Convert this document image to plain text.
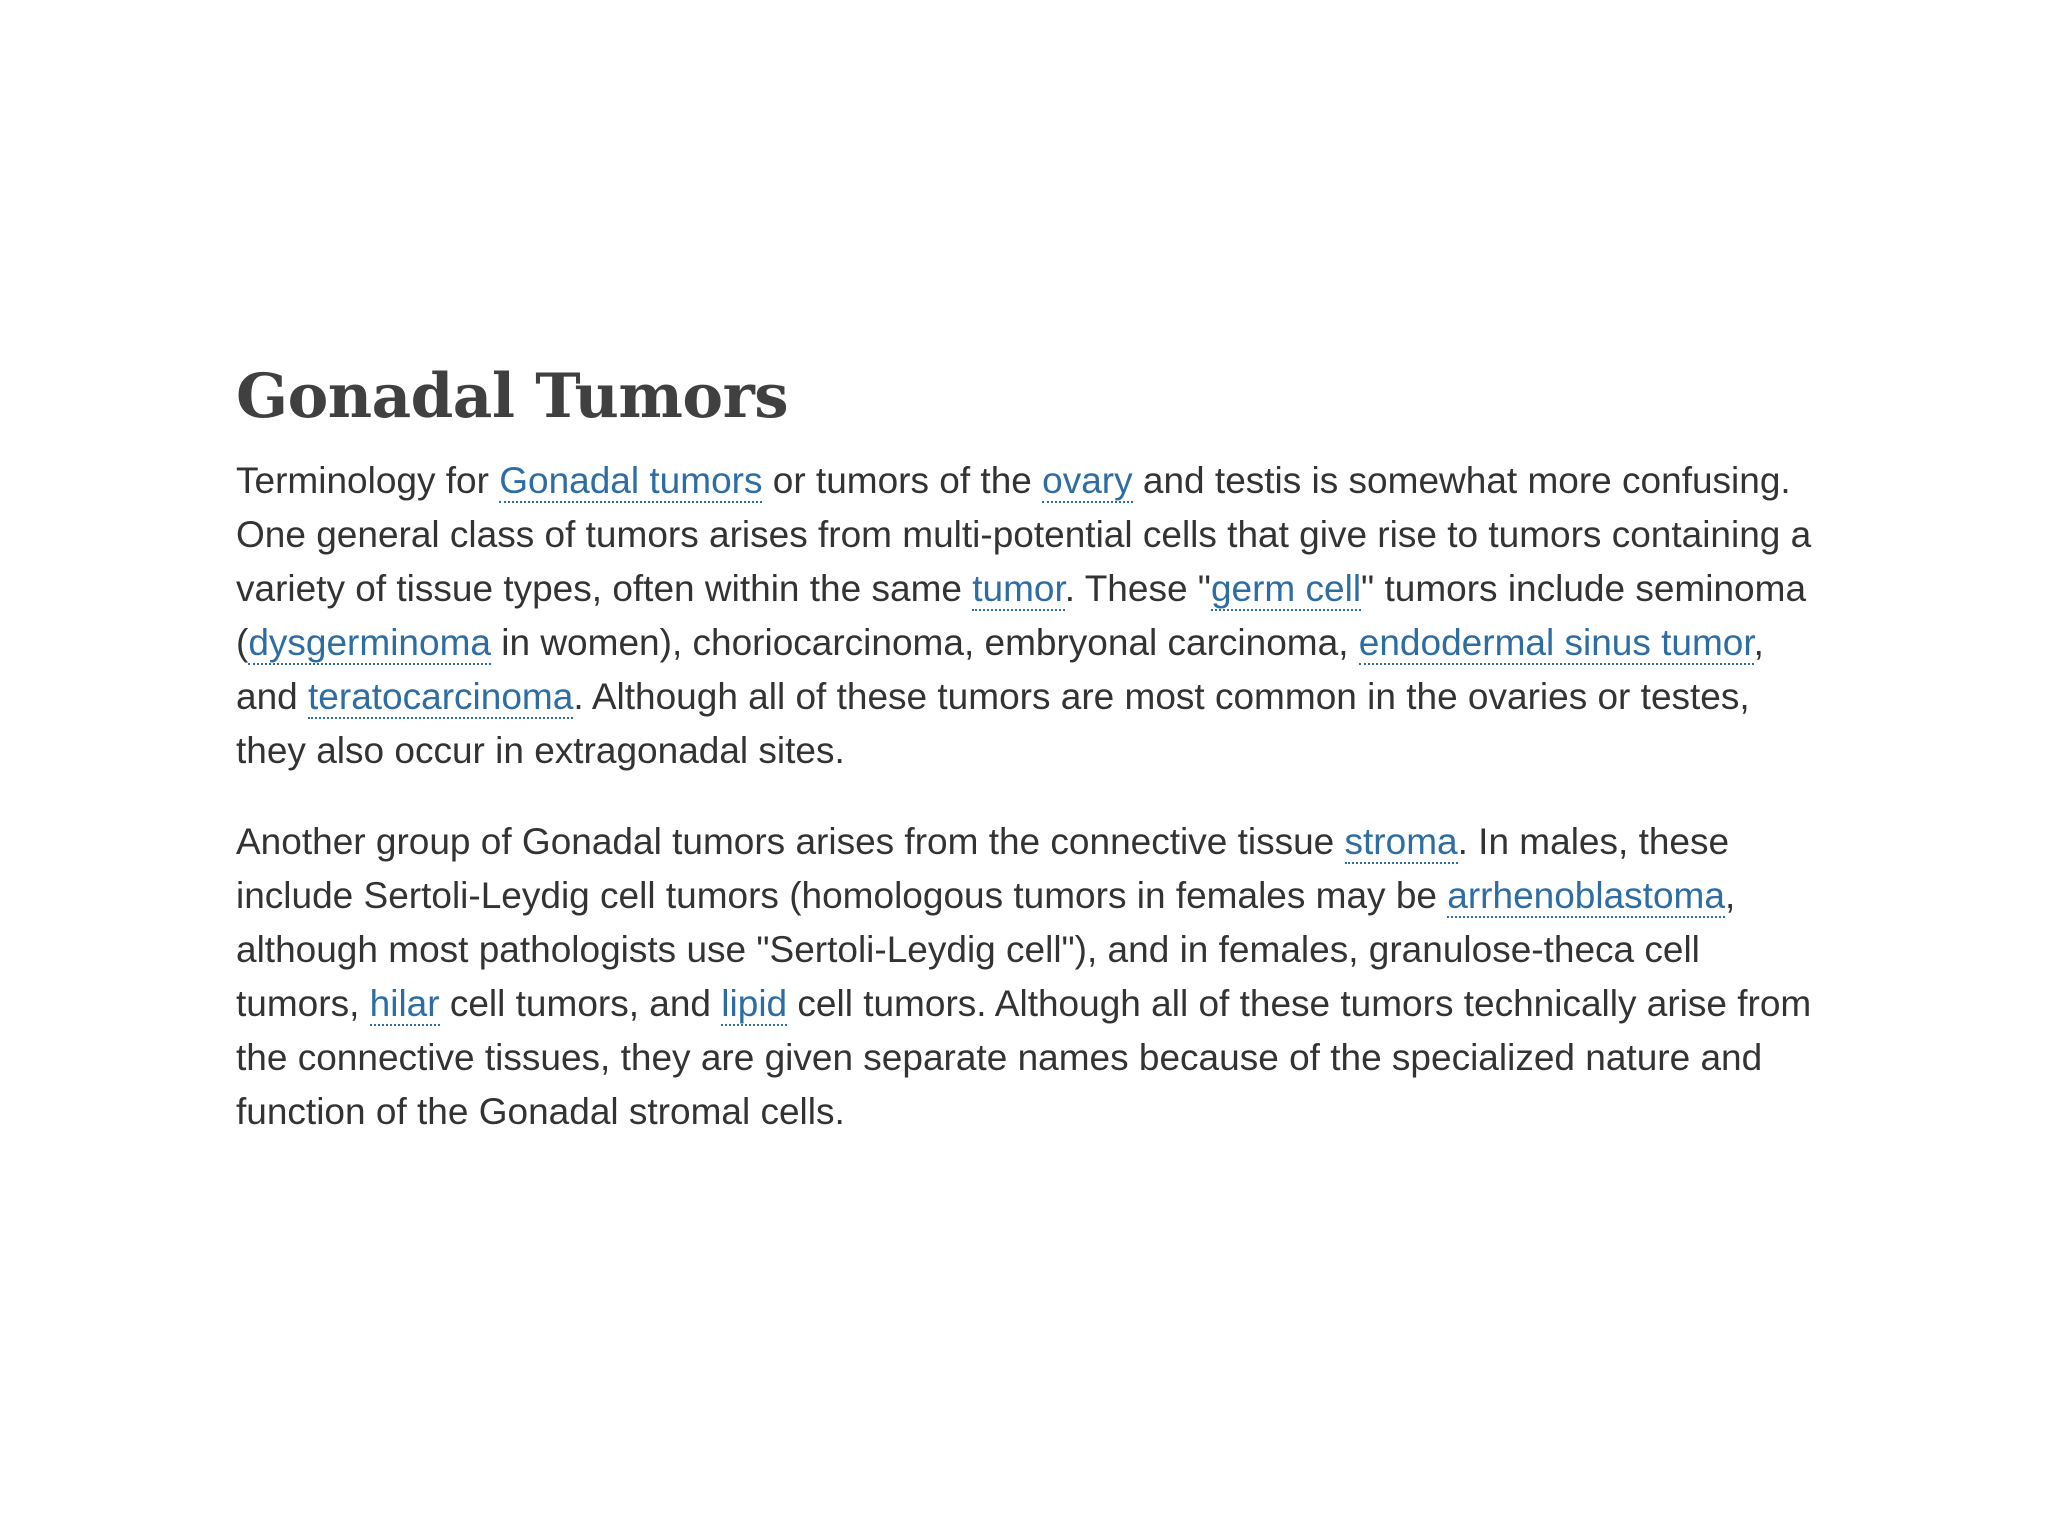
Gonadal Tumors

Terminology for Gonadal tumors or tumors of the ovary and testis is somewhat more confusing. One general class of tumors arises from multi-potential cells that give rise to tumors containing a variety of tissue types, often within the same tumor. These "germ cell" tumors include seminoma (dysgerminoma in women), choriocarcinoma, embryonal carcinoma, endodermal sinus tumor, and teratocarcinoma. Although all of these tumors are most common in the ovaries or testes, they also occur in extragonadal sites.

Another group of Gonadal tumors arises from the connective tissue stroma. In males, these include Sertoli-Leydig cell tumors (homologous tumors in females may be arrhenoblastoma, although most pathologists use "Sertoli-Leydig cell"), and in females, granulose-theca cell tumors, hilar cell tumors, and lipid cell tumors. Although all of these tumors technically arise from the connective tissues, they are given separate names because of the specialized nature and function of the Gonadal stromal cells.
